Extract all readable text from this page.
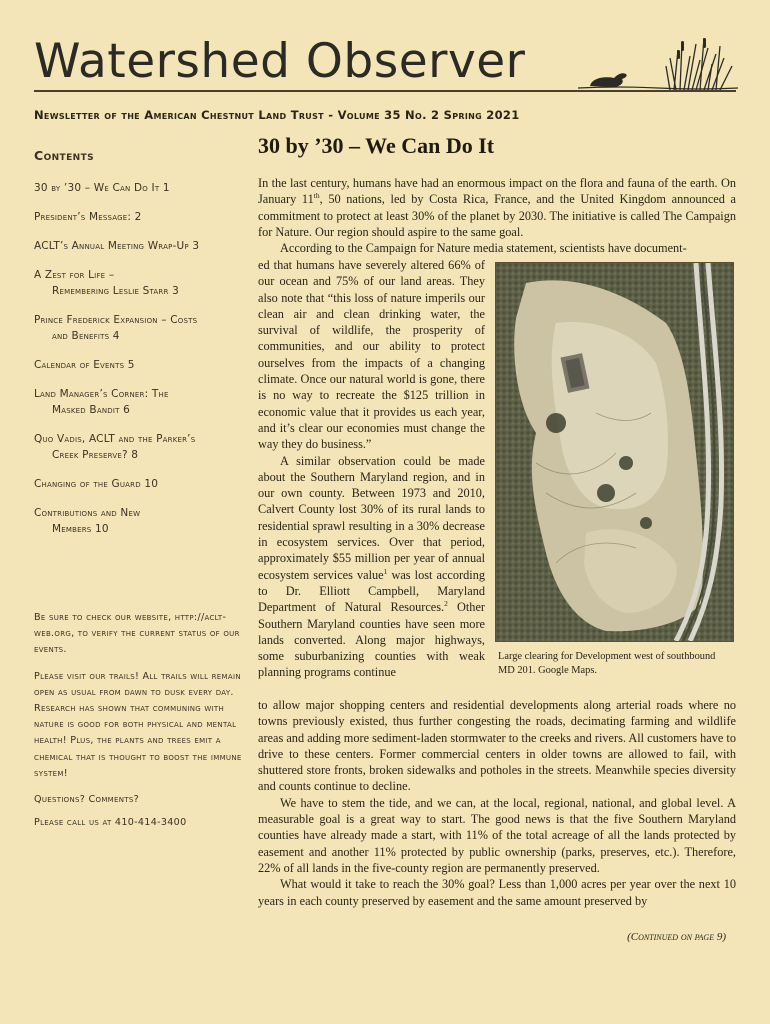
Watershed Observer
Newsletter of the American Chestnut Land Trust - Volume 35 No. 2 Spring 2021
Contents
30 by ’30 – We Can Do It 1
President’s Message: 2
ACLT’s Annual Meeting Wrap-Up 3
A Zest for Life –
Remembering Leslie Starr 3
Prince Frederick Expansion – Costs
and Benefits 4
Calendar of Events 5
Land Manager’s Corner: The
Masked Bandit 6
Quo Vadis, ACLT and the Parker’s
Creek Preserve? 8
Changing of the Guard 10
Contributions and New
Members 10

Be sure to check our website, http://acltweb.org, to verify the current status of our events.

Please visit our trails! All trails will remain open as usual from dawn to dusk every day. Research has shown that communing with nature is good for both physical and mental health! Plus, the plants and trees emit a chemical that is thought to boost the immune system!

Questions? Comments?

Please call us at 410-414-3400

30 by ’30 – We Can Do It

In the last century, humans have had an enormous impact on the flora and fauna of the earth. On January 11th, 50 nations, led by Costa Rica, France, and the United Kingdom announced a commitment to protect at least 30% of the planet by 2030. The initiative is called The Campaign for Nature. Our region should aspire to the same goal.

According to the Campaign for Nature media statement, scientists have document-

ed that humans have severely altered 66% of our ocean and 75% of our land areas. They also note that “this loss of nature imperils our clean air and clean drinking water, the survival of wildlife, the prosperity of communities, and our ability to protect ourselves from the impacts of a changing climate. Once our natural world is gone, there is no way to recreate the $125 trillion in economic value that it provides us each year, and it’s clear our economies must change the way they do business.”

A similar observation could be made about the Southern Maryland region, and in our own county. Between 1973 and 2010, Calvert County lost 30% of its rural lands to residential sprawl resulting in a 30% decrease in ecosystem services. Over that period, approximately $55 million per year of annual ecosystem services value$^1$ was lost according to Dr. Elliott Campbell, Maryland Department of Natural Resources.$^2$ Other Southern Maryland counties have seen more lands converted. Along major highways, some suburbanizing counties with weak planning programs continue

Large clearing for Development west of southbound MD 201. Google Maps.

to allow major shopping centers and residential developments along arterial roads where no towns previously existed, thus further congesting the roads, decimating farming and wildlife areas and adding more sediment-laden stormwater to the creeks and rivers. All customers have to drive to these centers. Former commercial centers in older towns are allowed to fail, with shuttered store fronts, broken sidewalks and potholes in the streets. Meanwhile species diversity and counts continue to decline.

We have to stem the tide, and we can, at the local, regional, national, and global level. A measurable goal is a great way to start. The good news is that the five Southern Maryland counties have already made a start, with 11% of the total acreage of all the lands protected by easement and another 11% protected by public ownership (parks, preserves, etc.). Therefore, 22% of all lands in the five-county region are permanently preserved.

What would it take to reach the 30% goal? Less than 1,000 acres per year over the next 10 years in each county preserved by easement and the same amount preserved by

(Continued on page 9)
